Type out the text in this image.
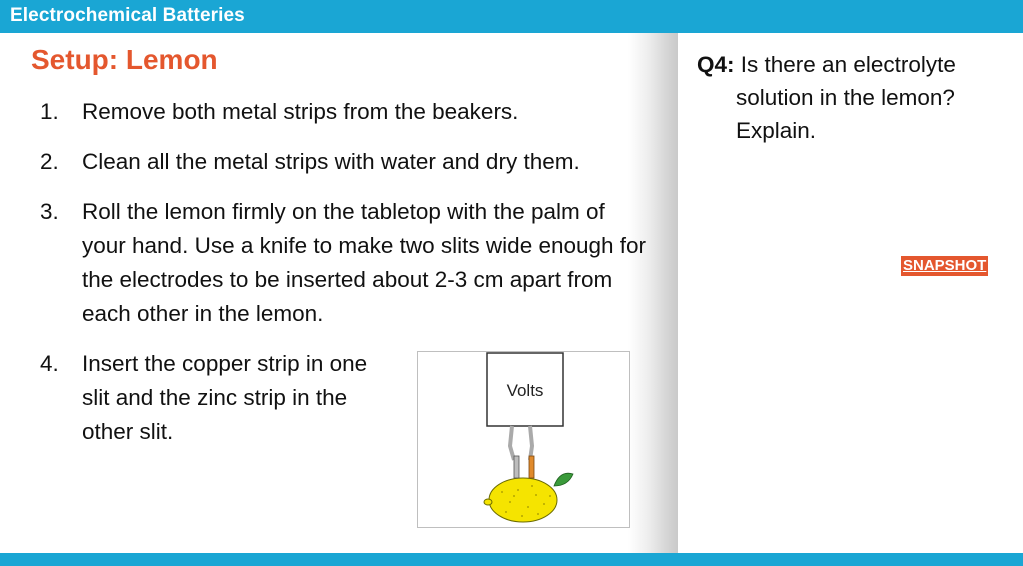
Electrochemical Batteries
Setup: Lemon
1. Remove both metal strips from the beakers.
2. Clean all the metal strips with water and dry them.
3. Roll the lemon firmly on the tabletop with the palm of your hand. Use a knife to make two slits wide enough for the electrodes to be inserted about 2-3 cm apart from each other in the lemon.
4. Insert the copper strip in one slit and the zinc strip in the other slit.
Volts
Q4: Is there an electrolyte solution in the lemon? Explain.
SNAPSHOT
